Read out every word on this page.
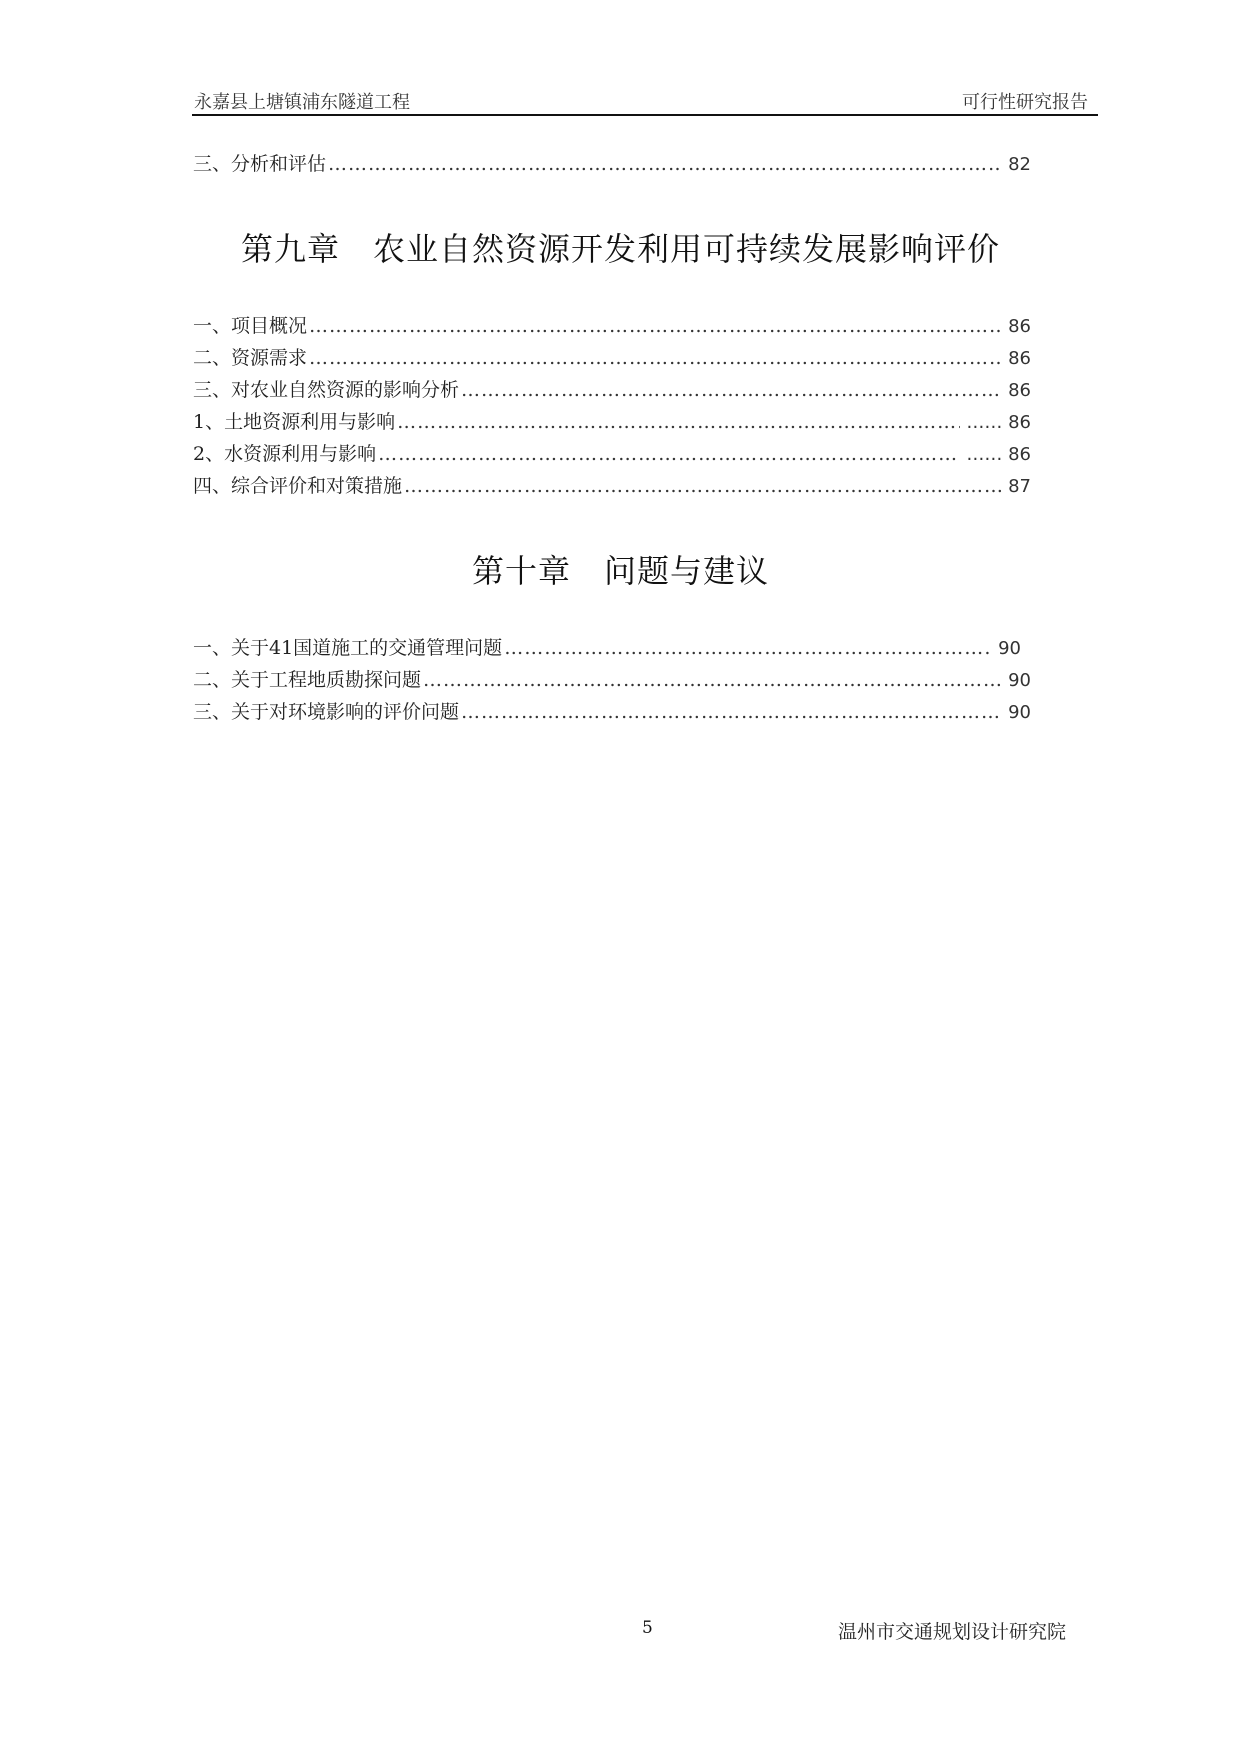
永嘉县上塘镇浦东隧道工程	可行性研究报告
三、分析和评估 ………………………………………………………………………………………………………………………………………………………………………………	82
第九章　农业自然资源开发利用可持续发展影响评价
一、项目概况 ………………………………………………………………………………………………………………………………………………………………………………	86
二、资源需求 ………………………………………………………………………………………………………………………………………………………………………………	86
三、对农业自然资源的影响分析 ………………………………………………………………………………………………………………………………………………………………………………	86
1、土地资源利用与影响 ………………………………………………………………………………………………………………………………………………………………………………	…… 86
2、水资源利用与影响 ………………………………………………………………………………………………………………………………………………………………………………	…… 86
四、综合评价和对策措施 ………………………………………………………………………………………………………………………………………………………………………………	87
第十章　问题与建议
一、关于41国道施工的交通管理问题 ………………………………………………………………………………………………………………………………………………………………………………	90
二、关于工程地质勘探问题 ………………………………………………………………………………………………………………………………………………………………………………	90
三、关于对环境影响的评价问题 ………………………………………………………………………………………………………………………………………………………………………………	90
5	温州市交通规划设计研究院
